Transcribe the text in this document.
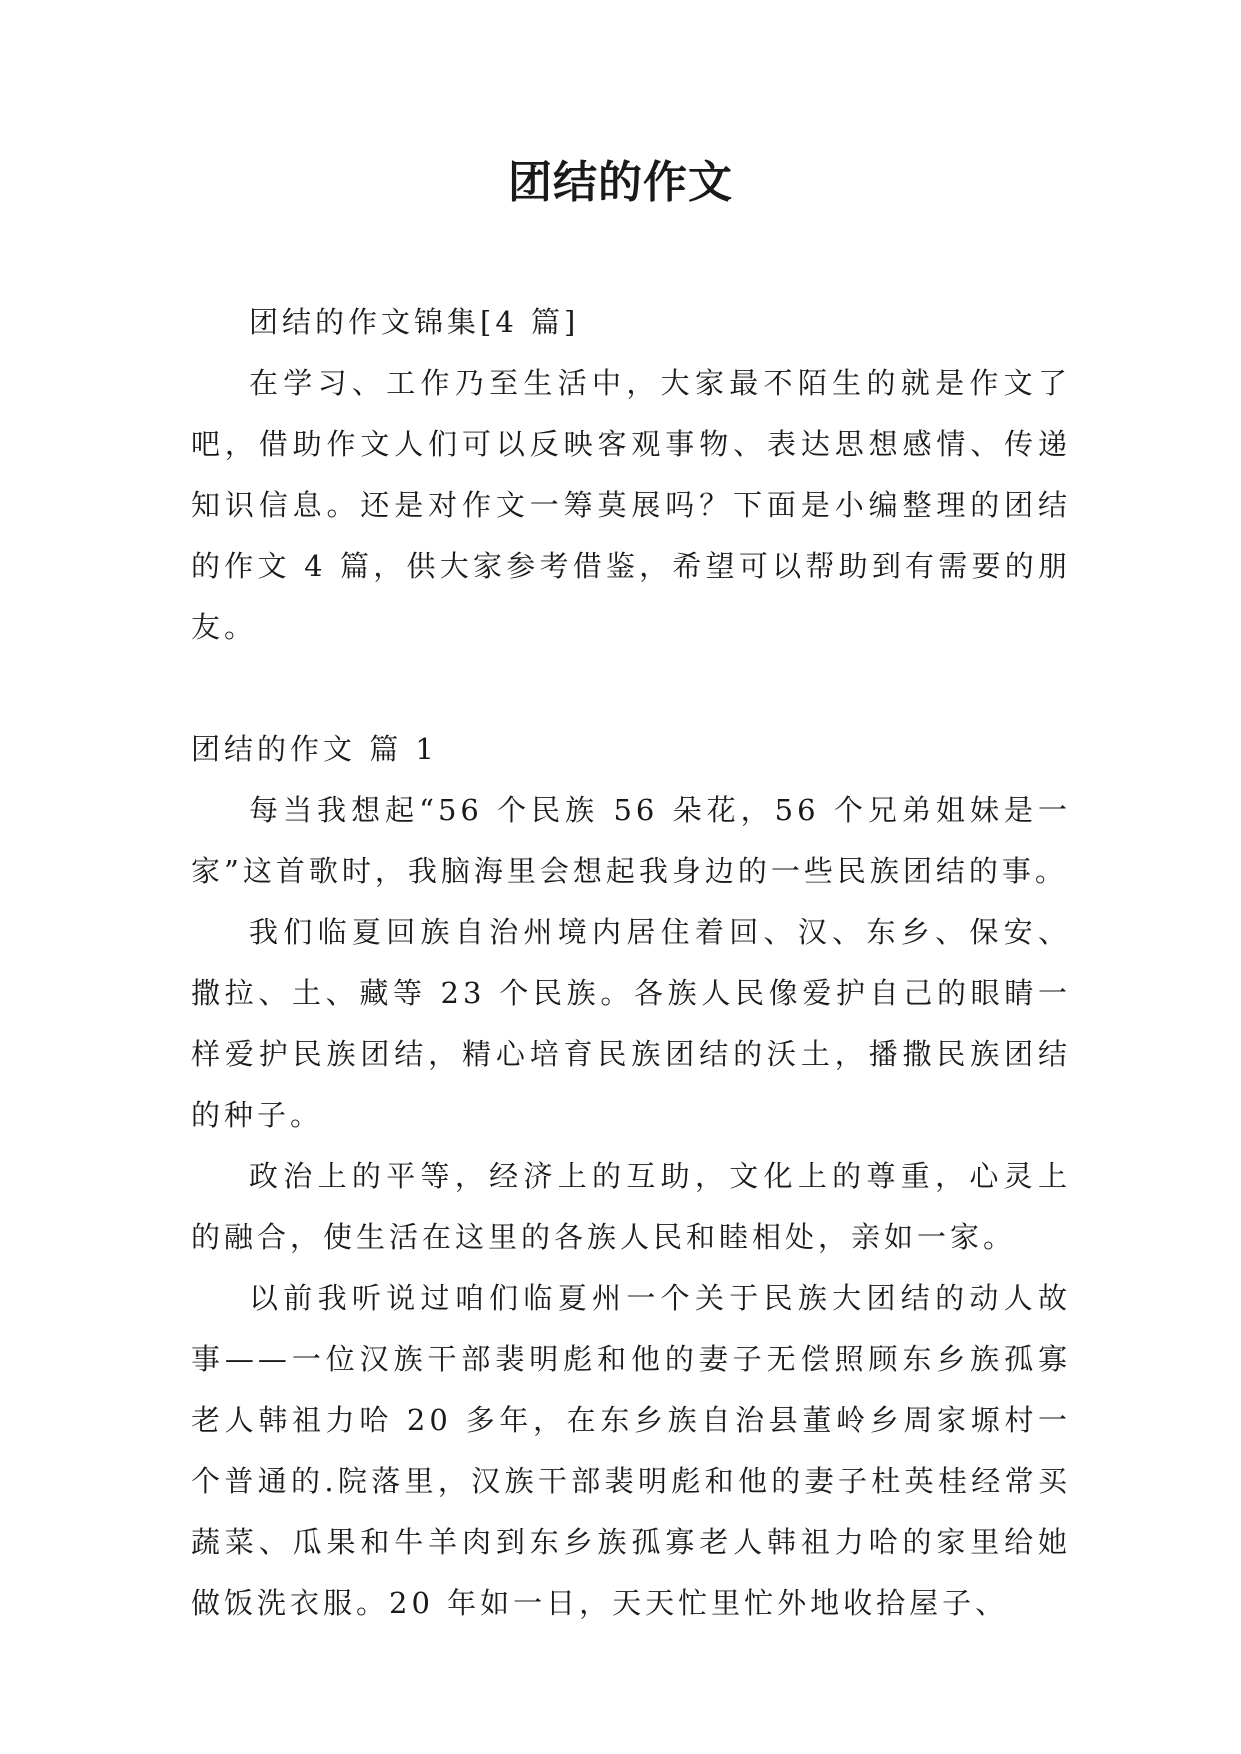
团结的作文

团结的作文锦集[4 篇]

在学习、工作乃至生活中，大家最不陌生的就是作文了吧，借助作文人们可以反映客观事物、表达思想感情、传递知识信息。还是对作文一筹莫展吗？下面是小编整理的团结的作文 4 篇，供大家参考借鉴，希望可以帮助到有需要的朋友。

团结的作文 篇 1

每当我想起“56 个民族 56 朵花，56 个兄弟姐妹是一家”这首歌时，我脑海里会想起我身边的一些民族团结的事。

我们临夏回族自治州境内居住着回、汉、东乡、保安、撒拉、土、藏等 23 个民族。各族人民像爱护自己的眼睛一样爱护民族团结，精心培育民族团结的沃土，播撒民族团结的种子。

政治上的平等，经济上的互助，文化上的尊重，心灵上的融合，使生活在这里的各族人民和睦相处，亲如一家。

以前我听说过咱们临夏州一个关于民族大团结的动人故事——一位汉族干部裴明彪和他的妻子无偿照顾东乡族孤寡老人韩祖力哈 20 多年，在东乡族自治县董岭乡周家塬村一个普通的.院落里，汉族干部裴明彪和他的妻子杜英桂经常买蔬菜、瓜果和牛羊肉到东乡族孤寡老人韩祖力哈的家里给她做饭洗衣服。20 年如一日，天天忙里忙外地收拾屋子、
